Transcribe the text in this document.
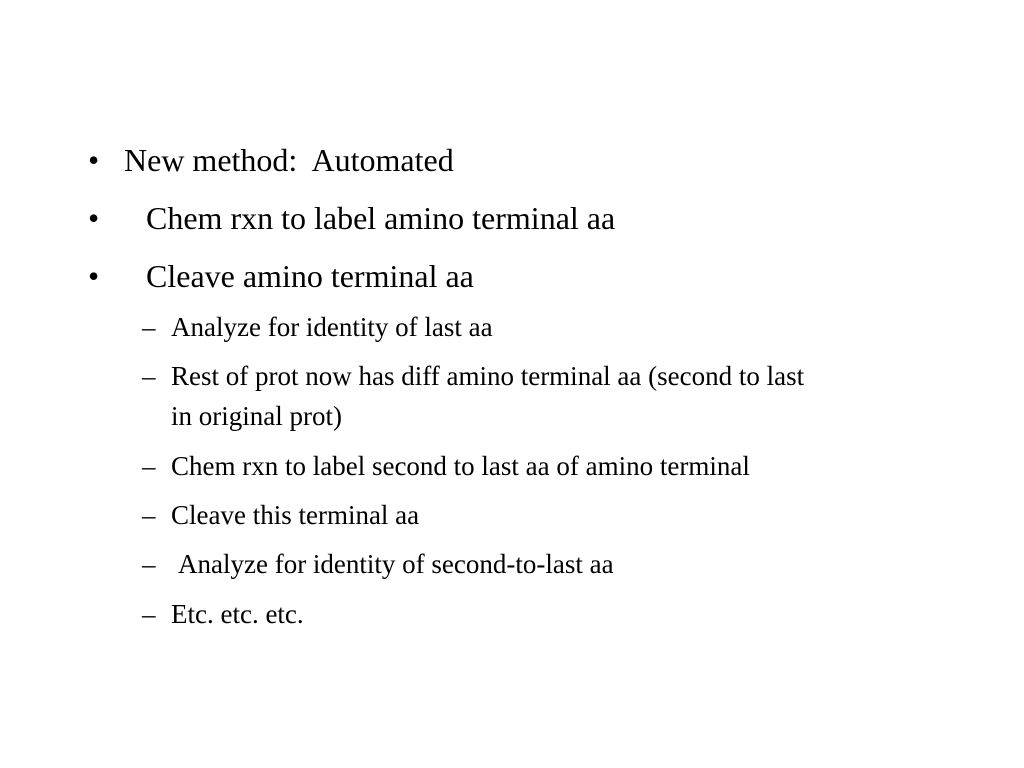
• New method:  Automated
• Chem rxn to label amino terminal aa
• Cleave amino terminal aa
– Analyze for identity of last aa
– Rest of prot now has diff amino terminal aa (second to last
in original prot)
– Chem rxn to label second to last aa of amino terminal
– Cleave this terminal aa
– Analyze for identity of second-to-last aa
– Etc. etc. etc.
